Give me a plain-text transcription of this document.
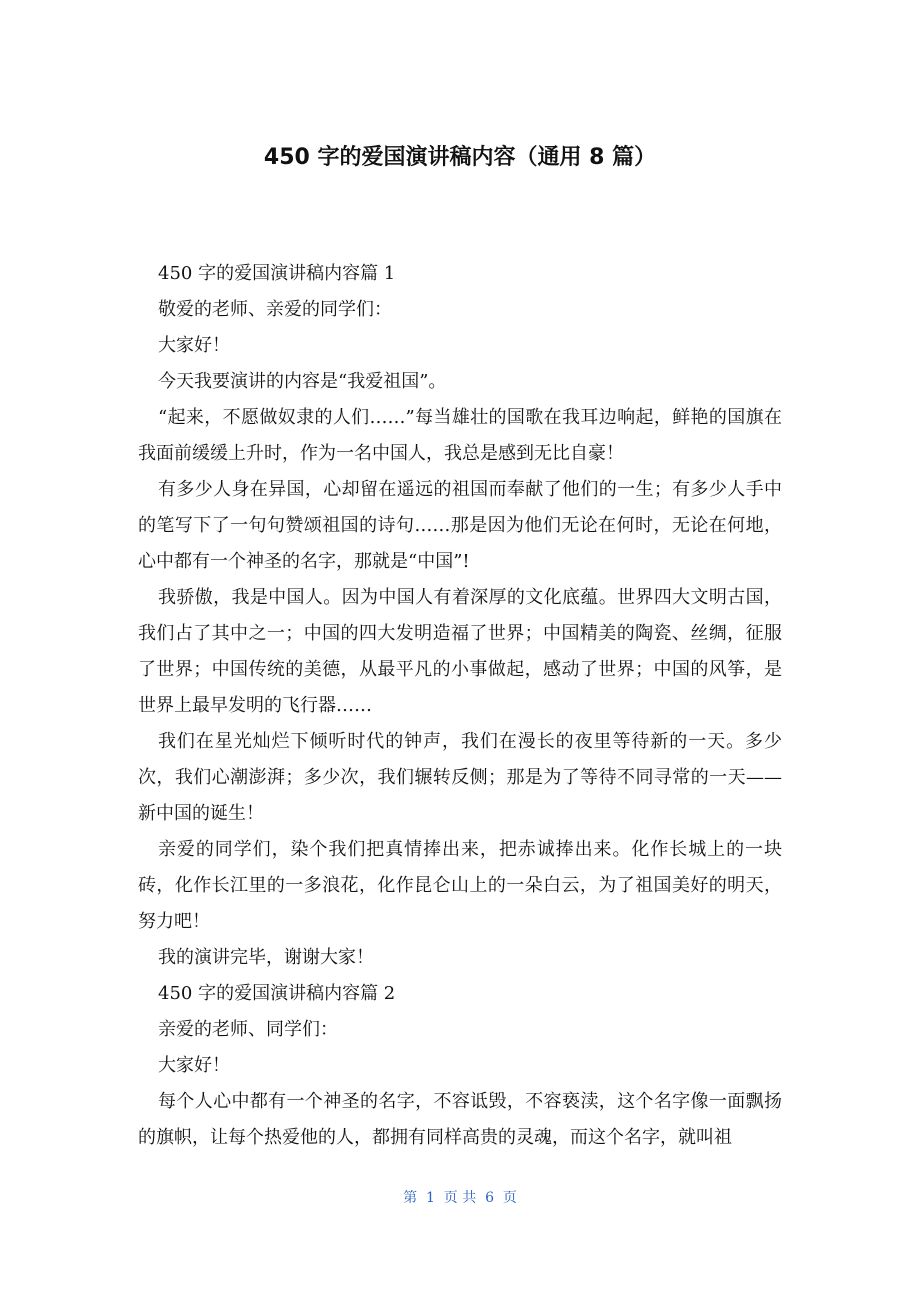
450 字的爱国演讲稿内容（通用 8 篇）

450 字的爱国演讲稿内容篇 1

敬爱的老师、亲爱的同学们：

大家好！

今天我要演讲的内容是“我爱祖国”。

“起来，不愿做奴隶的人们……”每当雄壮的国歌在我耳边响起，鲜艳的国旗在我面前缓缓上升时，作为一名中国人，我总是感到无比自豪！

有多少人身在异国，心却留在遥远的祖国而奉献了他们的一生；有多少人手中的笔写下了一句句赞颂祖国的诗句……那是因为他们无论在何时，无论在何地，心中都有一个神圣的名字，那就是“中国”!

我骄傲，我是中国人。因为中国人有着深厚的文化底蕴。世界四大文明古国，我们占了其中之一；中国的四大发明造福了世界；中国精美的陶瓷、丝绸，征服了世界；中国传统的美德，从最平凡的小事做起，感动了世界；中国的风筝，是世界上最早发明的飞行器……

我们在星光灿烂下倾听时代的钟声，我们在漫长的夜里等待新的一天。多少次，我们心潮澎湃；多少次，我们辗转反侧；那是为了等待不同寻常的一天——新中国的诞生！

亲爱的同学们，染个我们把真情捧出来，把赤诚捧出来。化作长城上的一块砖，化作长江里的一多浪花，化作昆仑山上的一朵白云，为了祖国美好的明天，努力吧！

我的演讲完毕，谢谢大家！

450 字的爱国演讲稿内容篇 2

亲爱的老师、同学们：

大家好！

每个人心中都有一个神圣的名字，不容诋毁，不容亵渎，这个名字像一面飘扬的旗帜，让每个热爱他的人，都拥有同样高贵的灵魂，而这个名字，就叫祖

第  1  页 共  6  页
